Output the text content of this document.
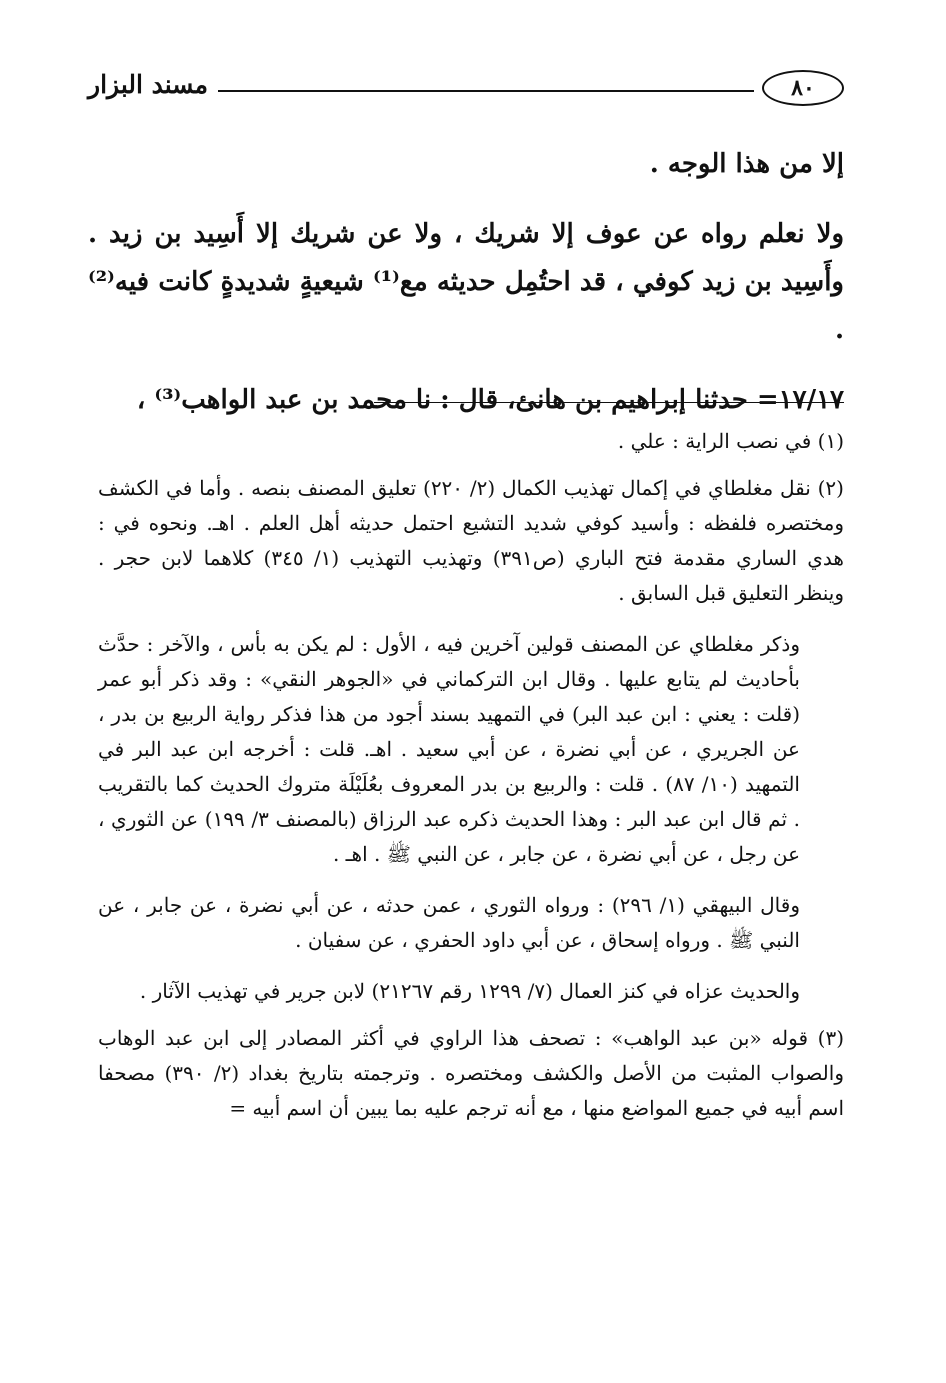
٨٠
مسند البزار

إلا من هذا الوجه .

ولا نعلم رواه عن عوف إلا شريك ، ولا عن شريك إلا أَسِيد بن زيد . وأَسِيد بن زيد كوفي ، قد احتُمِل حديثه مع⁽¹⁾ شيعيةٍ شديدةٍ كانت فيه⁽²⁾ .

١٧/١٧= حدثنا إبراهيم بن هانئ، قال : نا محمد بن عبد الواهب⁽³⁾ ،

(١) في نصب الراية : علي .

(٢) نقل مغلطاي في إكمال تهذيب الكمال (٢/ ٢٢٠) تعليق المصنف بنصه . وأما في الكشف ومختصره فلفظه : وأسيد كوفي شديد التشيع احتمل حديثه أهل العلم . اهـ. ونحوه في : هدي الساري مقدمة فتح الباري (ص٣٩١) وتهذيب التهذيب (١/ ٣٤٥) كلاهما لابن حجر . وينظر التعليق قبل السابق .

وذكر مغلطاي عن المصنف قولين آخرين فيه ، الأول : لم يكن به بأس ، والآخر : حدَّث بأحاديث لم يتابع عليها . وقال ابن التركماني في «الجوهر النقي» : وقد ذكر أبو عمر (قلت : يعني : ابن عبد البر) في التمهيد بسند أجود من هذا فذكر رواية الربيع بن بدر ، عن الجريري ، عن أبي نضرة ، عن أبي سعيد . اهـ. قلت : أخرجه ابن عبد البر في التمهيد (١٠/ ٨٧) . قلت : والربيع بن بدر المعروف بعُلَيْلَة متروك الحديث كما بالتقريب . ثم قال ابن عبد البر : وهذا الحديث ذكره عبد الرزاق (بالمصنف ٣/ ١٩٩) عن الثوري ، عن رجل ، عن أبي نضرة ، عن جابر ، عن النبي ﷺ . اهـ .

وقال البيهقي (١/ ٢٩٦) : ورواه الثوري ، عمن حدثه ، عن أبي نضرة ، عن جابر ، عن النبي ﷺ . ورواه إسحاق ، عن أبي داود الحفري ، عن سفيان .

والحديث عزاه في كنز العمال (٧/ ١٢٩٩ رقم ٢١٢٦٧) لابن جرير في تهذيب الآثار .

(٣) قوله «بن عبد الواهب» : تصحف هذا الراوي في أكثر المصادر إلى ابن عبد الوهاب والصواب المثبت من الأصل والكشف ومختصره . وترجمته بتاريخ بغداد (٢/ ٣٩٠) مصحفا اسم أبيه في جميع المواضع منها ، مع أنه ترجم عليه بما يبين أن اسم أبيه =
